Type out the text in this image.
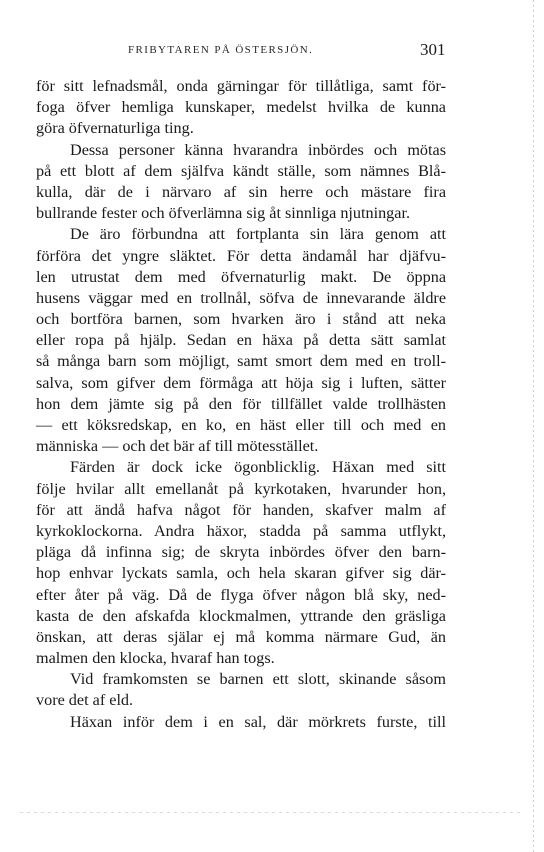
FRIBYTAREN PÅ ÖSTERSJÖN.	301
för sitt lefnadsmål, onda gärningar för tillåtliga, samt för-
foga öfver hemliga kunskaper, medelst hvilka de kunna
göra öfvernaturliga ting.
Dessa personer känna hvarandra inbördes och mötas
på ett blott af dem själfva kändt ställe, som nämnes Blå-
kulla, där de i närvaro af sin herre och mästare fira
bullrande fester och öfverlämna sig åt sinnliga njutningar.
De äro förbundna att fortplanta sin lära genom att
förföra det yngre släktet. För detta ändamål har djäfvu-
len utrustat dem med öfvernaturlig makt. De öppna
husens väggar med en trollnål, söfva de innevarande äldre
och bortföra barnen, som hvarken äro i stånd att neka
eller ropa på hjälp. Sedan en häxa på detta sätt samlat
så många barn som möjligt, samt smort dem med en troll-
salva, som gifver dem förmåga att höja sig i luften, sätter
hon dem jämte sig på den för tillfället valde trollhästen
— ett köksredskap, en ko, en häst eller till och med en
människa — och det bär af till mötesstället.
Färden är dock icke ögonblicklig. Häxan med sitt
följe hvilar allt emellanåt på kyrkotaken, hvarunder hon,
för att ändå hafva något för handen, skafver malm af
kyrkoklockorna. Andra häxor, stadda på samma utflykt,
pläga då infinna sig; de skryta inbördes öfver den barn-
hop enhvar lyckats samla, och hela skaran gifver sig där-
efter åter på väg. Då de flyga öfver någon blå sky, ned-
kasta de den afskafda klockmalmen, yttrande den gräsliga
önskan, att deras själar ej må komma närmare Gud, än
malmen den klocka, hvaraf han togs.
Vid framkomsten se barnen ett slott, skinande såsom
vore det af eld.
Häxan inför dem i en sal, där mörkrets furste, till
